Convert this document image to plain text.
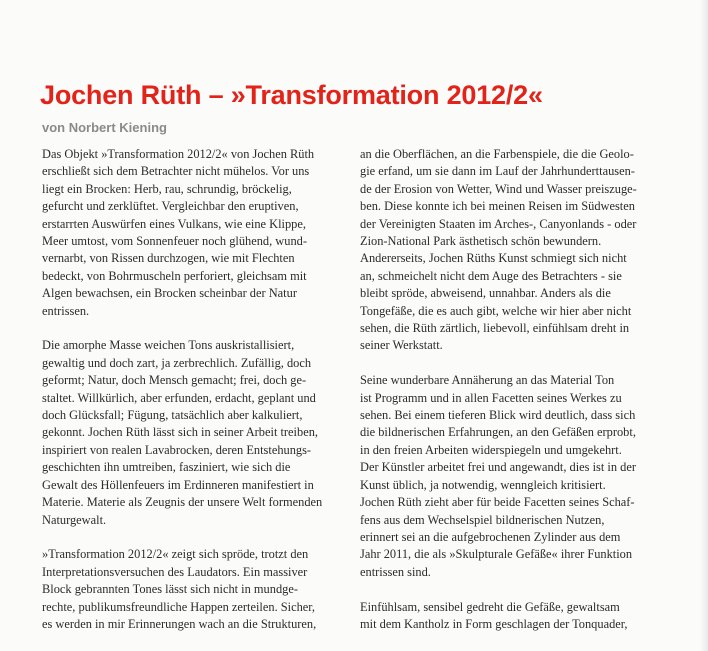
Jochen Rüth – »Transformation 2012/2«
von Norbert Kiening

Das Objekt »Transformation 2012/2« von Jochen Rüth
erschließt sich dem Betrachter nicht mühelos. Vor uns
liegt ein Brocken: Herb, rau, schrundig, bröckelig,
gefurcht und zerklüftet. Vergleichbar den eruptiven,
erstarrten Auswürfen eines Vulkans, wie eine Klippe,
Meer umtost, vom Sonnenfeuer noch glühend, wund-
vernarbt, von Rissen durchzogen, wie mit Flechten
bedeckt, von Bohrmuscheln perforiert, gleichsam mit
Algen bewachsen, ein Brocken scheinbar der Natur
entrissen.

Die amorphe Masse weichen Tons auskristallisiert,
gewaltig und doch zart, ja zerbrechlich. Zufällig, doch
geformt; Natur, doch Mensch gemacht; frei, doch ge-
staltet. Willkürlich, aber erfunden, erdacht, geplant und
doch Glücksfall; Fügung, tatsächlich aber kalkuliert,
gekonnt. Jochen Rüth lässt sich in seiner Arbeit treiben,
inspiriert von realen Lavabrocken, deren Entstehungs-
geschichten ihn umtreiben, fasziniert, wie sich die
Gewalt des Höllenfeuers im Erdinneren manifestiert in
Materie. Materie als Zeugnis der unsere Welt formenden
Naturgewalt.

»Transformation 2012/2« zeigt sich spröde, trotzt den
Interpretationsversuchen des Laudators. Ein massiver
Block gebrannten Tones lässt sich nicht in mundge-
rechte, publikumsfreundliche Happen zerteilen. Sicher,
es werden in mir Erinnerungen wach an die Strukturen,

an die Oberflächen, an die Farbenspiele, die die Geolo-
gie erfand, um sie dann im Lauf der Jahrhunderttausen-
de der Erosion von Wetter, Wind und Wasser preiszuge-
ben. Diese konnte ich bei meinen Reisen im Südwesten
der Vereinigten Staaten im Arches-, Canyonlands - oder
Zion-National Park ästhetisch schön bewundern.
Andererseits, Jochen Rüths Kunst schmiegt sich nicht
an, schmeichelt nicht dem Auge des Betrachters - sie
bleibt spröde, abweisend, unnahbar. Anders als die
Tongefäße, die es auch gibt, welche wir hier aber nicht
sehen, die Rüth zärtlich, liebevoll, einfühlsam dreht in
seiner Werkstatt.

Seine wunderbare Annäherung an das Material Ton
ist Programm und in allen Facetten seines Werkes zu
sehen. Bei einem tieferen Blick wird deutlich, dass sich
die bildnerischen Erfahrungen, an den Gefäßen erprobt,
in den freien Arbeiten widerspiegeln und umgekehrt.
Der Künstler arbeitet frei und angewandt, dies ist in der
Kunst üblich, ja notwendig, wenngleich kritisiert.
Jochen Rüth zieht aber für beide Facetten seines Schaf-
fens aus dem Wechselspiel bildnerischen Nutzen,
erinnert sei an die aufgebrochenen Zylinder aus dem
Jahr 2011, die als »Skulpturale Gefäße« ihrer Funktion
entrissen sind.

Einfühlsam, sensibel gedreht die Gefäße, gewaltsam
mit dem Kantholz in Form geschlagen der Tonquader,
